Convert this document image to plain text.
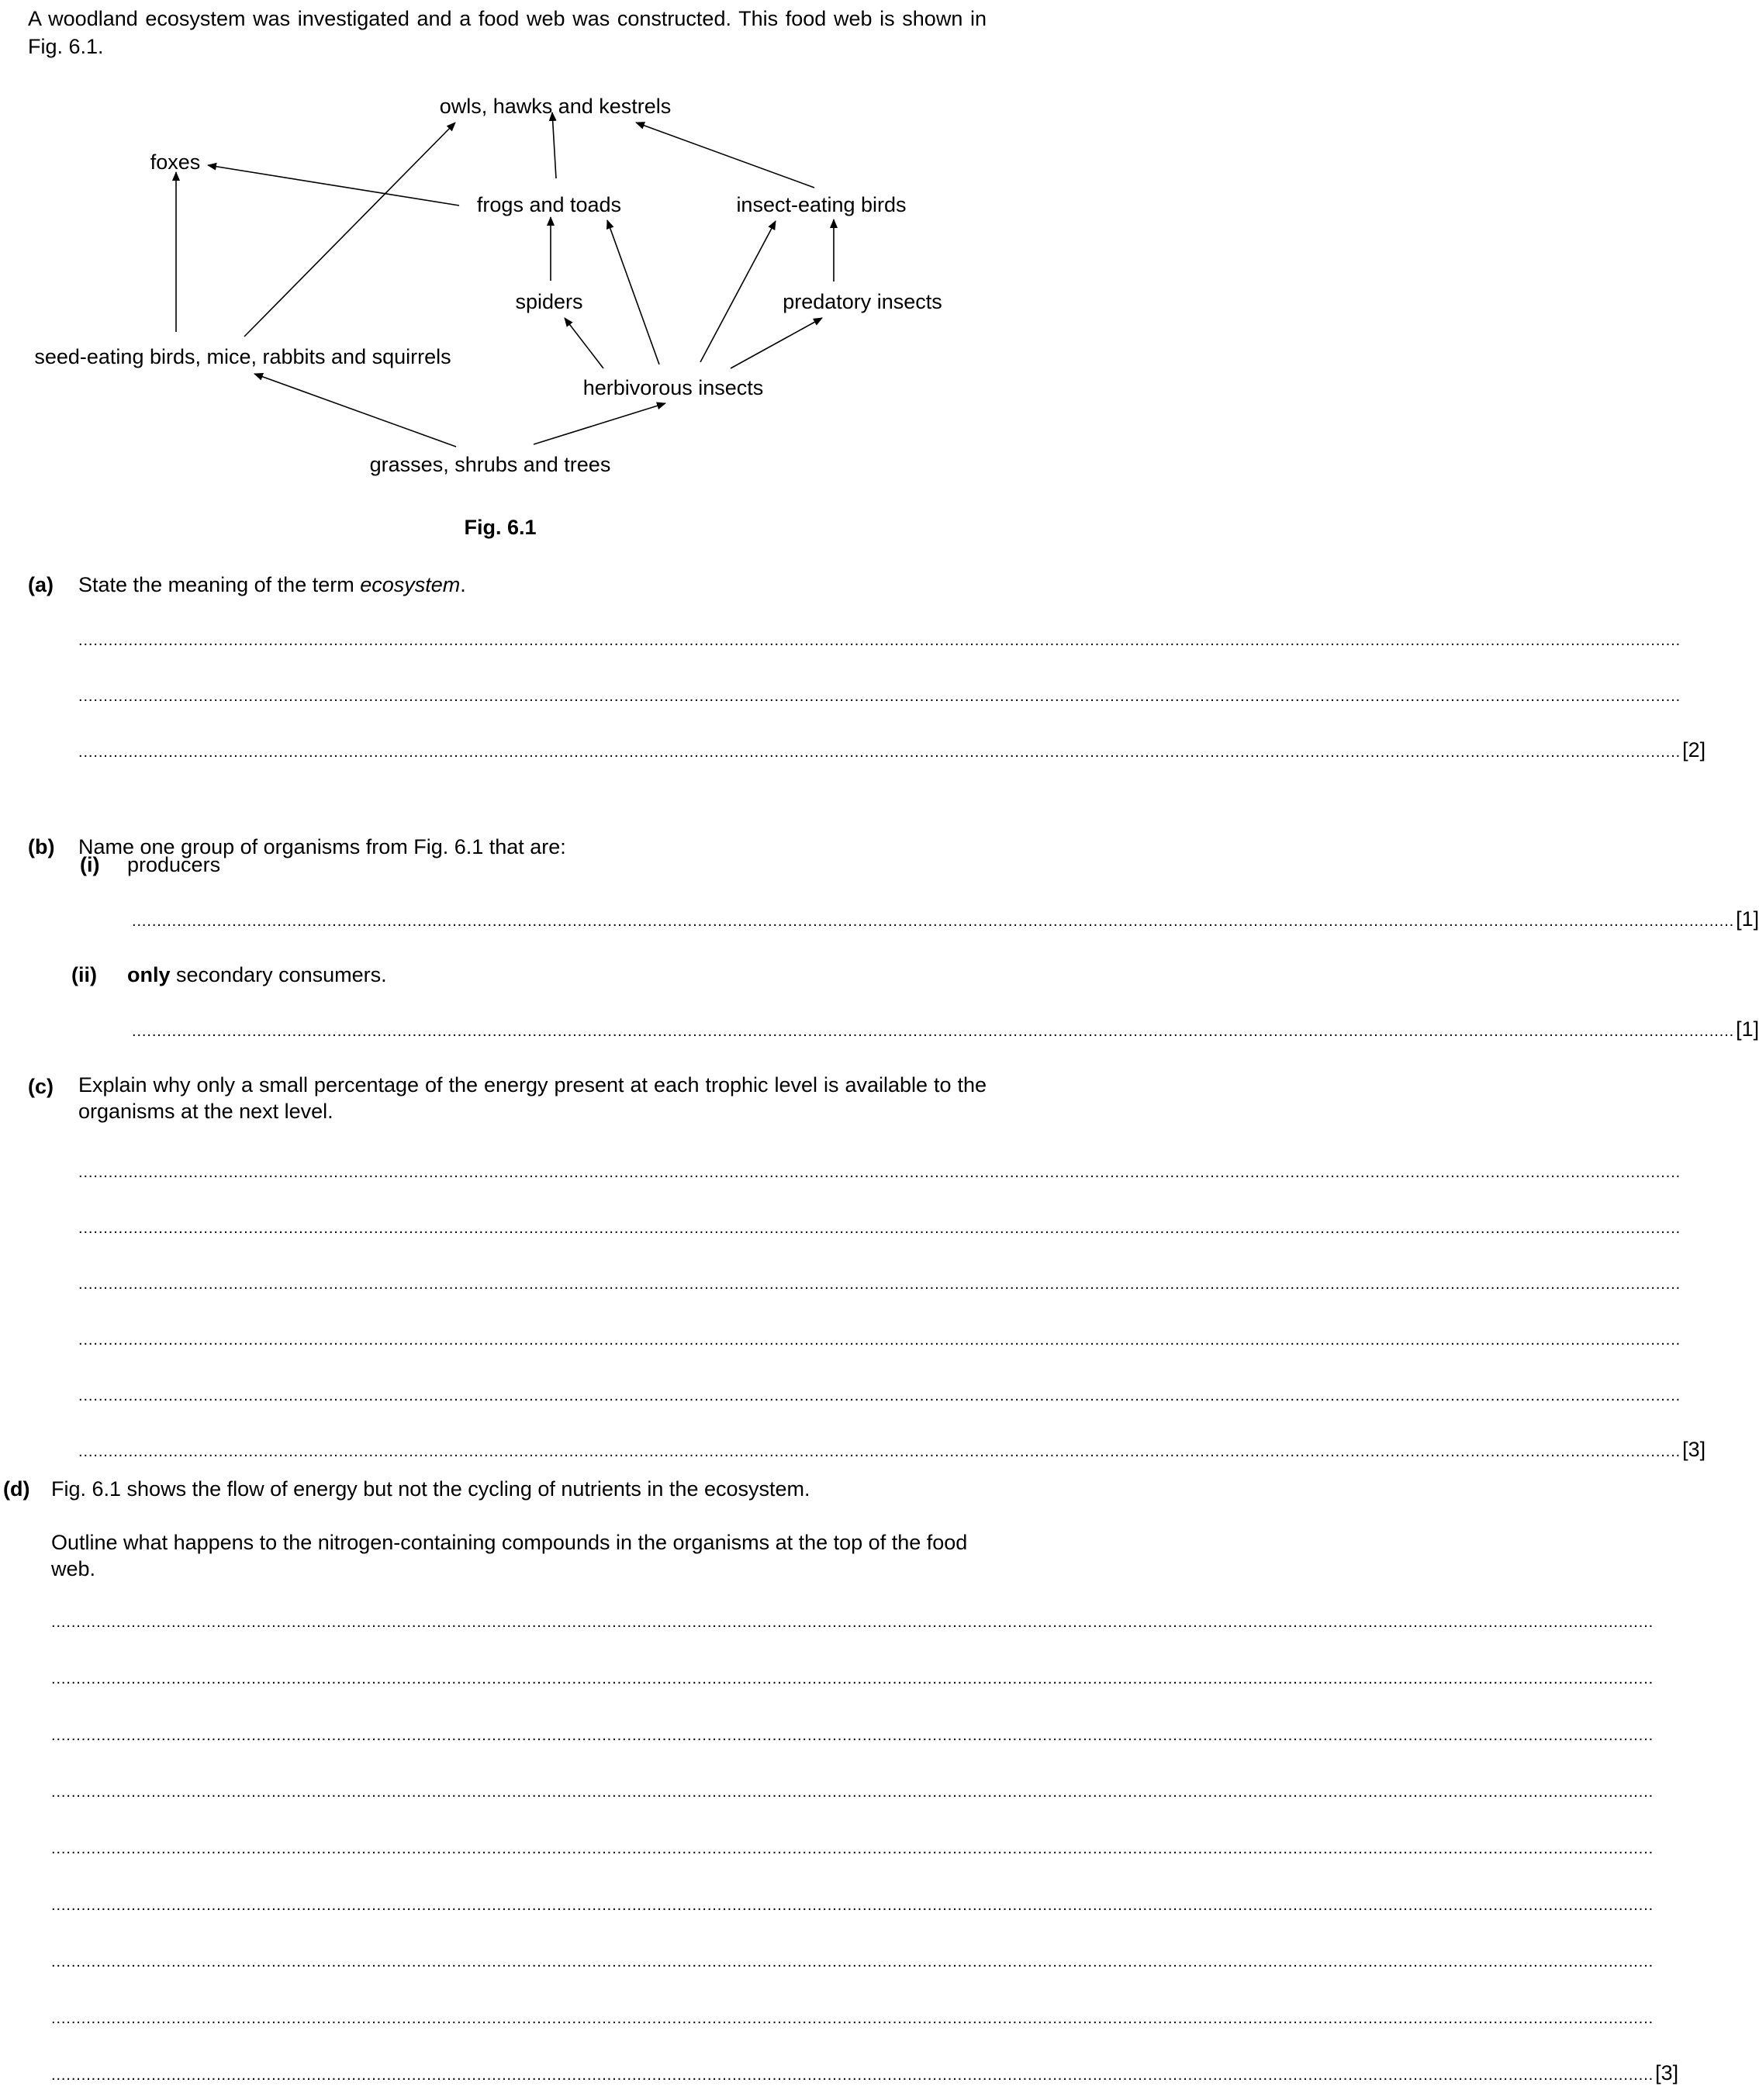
A woodland ecosystem was investigated and a food web was constructed. This food web is shown in Fig. 6.1.

owls, hawks and kestrels
foxes
frogs and toads	insect-eating birds
spiders	predatory insects
seed-eating birds, mice, rabbits and squirrels
herbivorous insects
grasses, shrubs and trees
Fig. 6.1
(a) State the meaning of the term ecosystem.
................................................................................................................................................................................................................................................................................................................................
................................................................................................................................................................................................................................................................................................................................
................................................................................................................................................................................................................................................................................................................................ [2]
(b) Name one group of organisms from Fig. 6.1 that are:
(i) producers
................................................................................................................................................................................................................................................................................................................................ [1]
(ii) only secondary consumers.
................................................................................................................................................................................................................................................................................................................................ [1]
(c) Explain why only a small percentage of the energy present at each trophic level is available to the organisms at the next level.
................................................................................................................................................................................................................................................................................................................................
................................................................................................................................................................................................................................................................................................................................
................................................................................................................................................................................................................................................................................................................................
................................................................................................................................................................................................................................................................................................................................
................................................................................................................................................................................................................................................................................................................................
................................................................................................................................................................................................................................................................................................................................ [3]
(d) Fig. 6.1 shows the flow of energy but not the cycling of nutrients in the ecosystem.
Outline what happens to the nitrogen-containing compounds in the organisms at the top of the food web.
................................................................................................................................................................................................................................................................................................................................
................................................................................................................................................................................................................................................................................................................................
................................................................................................................................................................................................................................................................................................................................
................................................................................................................................................................................................................................................................................................................................
................................................................................................................................................................................................................................................................................................................................
................................................................................................................................................................................................................................................................................................................................
................................................................................................................................................................................................................................................................................................................................
................................................................................................................................................................................................................................................................................................................................
................................................................................................................................................................................................................................................................................................................................ [3]
